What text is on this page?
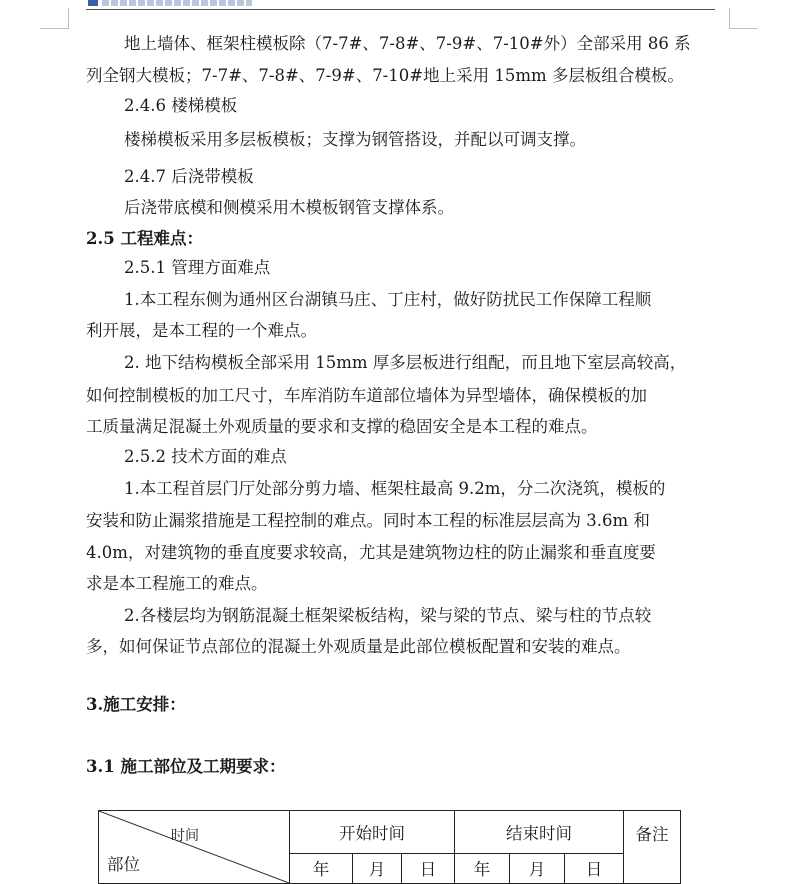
地上墙体、框架柱模板除（7-7#、7-8#、7-9#、7-10#外）全部采用 86 系
列全钢大模板；7-7#、7-8#、7-9#、7-10#地上采用 15mm 多层板组合模板。
2.4.6 楼梯模板
楼梯模板采用多层板模板；支撑为钢管搭设，并配以可调支撑。
2.4.7 后浇带模板
后浇带底模和侧模采用木模板钢管支撑体系。
2.5 工程难点：
2.5.1 管理方面难点
1.本工程东侧为通州区台湖镇马庄、丁庄村，做好防扰民工作保障工程顺
利开展，是本工程的一个难点。
2. 地下结构模板全部采用 15mm 厚多层板进行组配，而且地下室层高较高，
如何控制模板的加工尺寸，车库消防车道部位墙体为异型墙体，确保模板的加
工质量满足混凝土外观质量的要求和支撑的稳固安全是本工程的难点。
2.5.2 技术方面的难点
1.本工程首层门厅处部分剪力墙、框架柱最高 9.2m，分二次浇筑，模板的
安装和防止漏浆措施是工程控制的难点。同时本工程的标准层层高为 3.6m 和
4.0m，对建筑物的垂直度要求较高，尤其是建筑物边柱的防止漏浆和垂直度要
求是本工程施工的难点。
2.各楼层均为钢筋混凝土框架梁板结构，梁与梁的节点、梁与柱的节点较
多，如何保证节点部位的混凝土外观质量是此部位模板配置和安装的难点。
3.施工安排：
3.1 施工部位及工期要求：
时间
部位	开始时间			结束时间			备注
	年	月	日	年	月	日	
